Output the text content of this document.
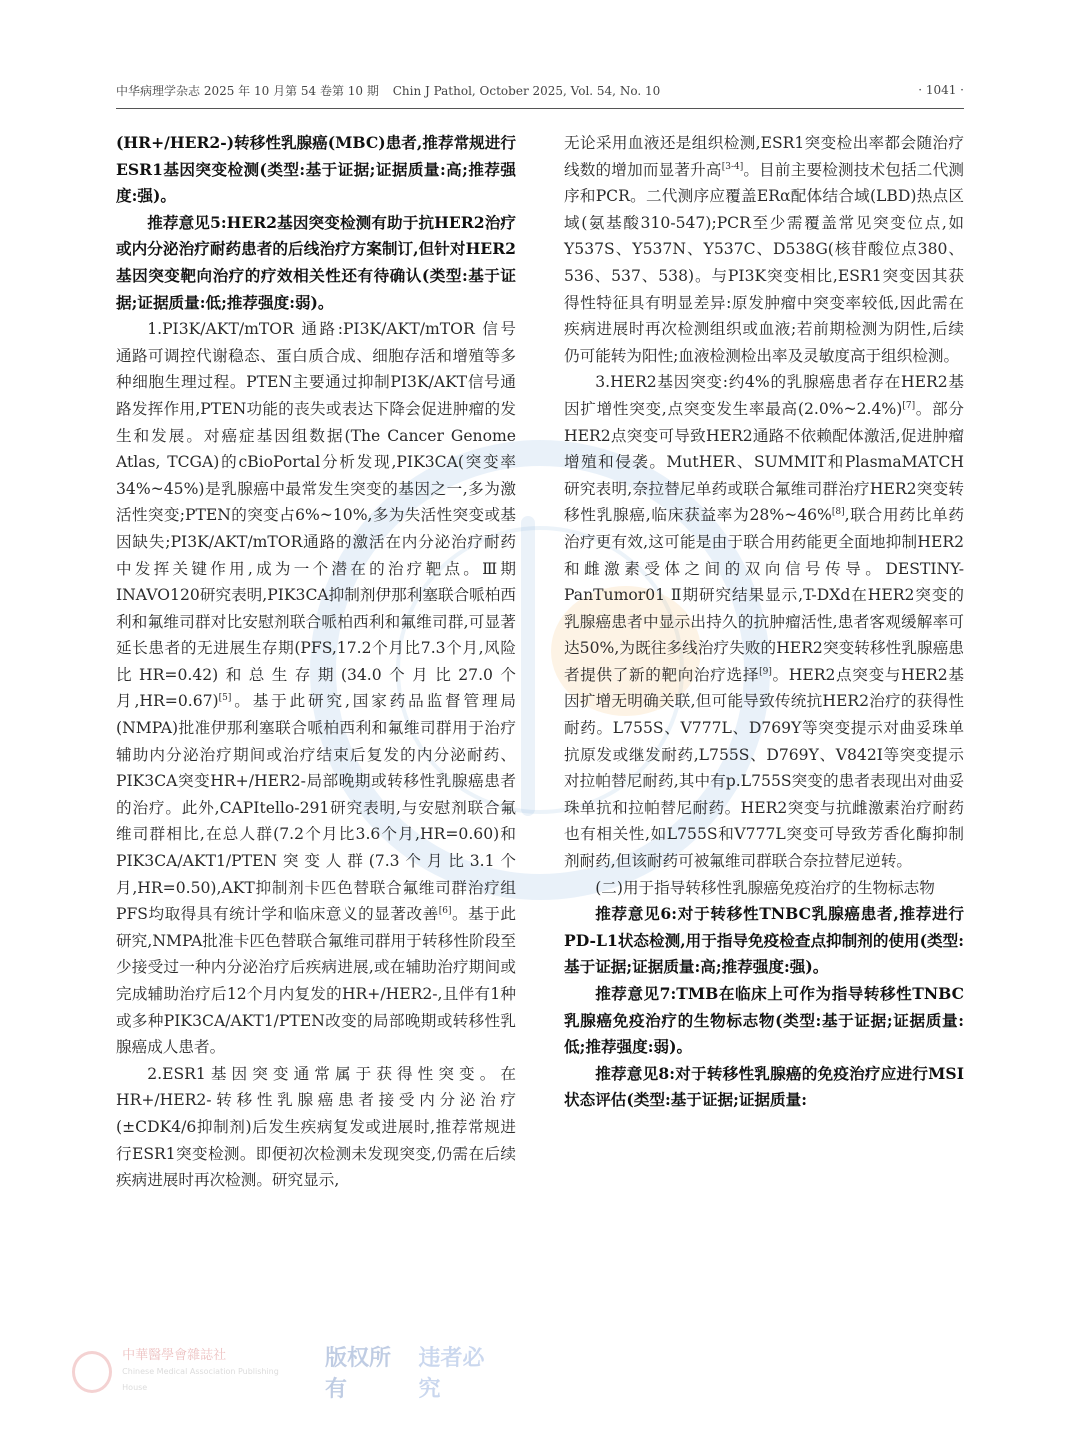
中华病理学杂志 2025 年 10 月第 54 卷第 10 期 Chin J Pathol, October 2025, Vol. 54, No. 10	· 1041 ·

(HR+/HER2-)转移性乳腺癌(MBC)患者,推荐常规进行ESR1基因突变检测(类型:基于证据;证据质量:高;推荐强度:强)。

推荐意见5:HER2基因突变检测有助于抗HER2治疗或内分泌治疗耐药患者的后线治疗方案制订,但针对HER2基因突变靶向治疗的疗效相关性还有待确认(类型:基于证据;证据质量:低;推荐强度:弱)。

1.PI3K/AKT/mTOR 通路:PI3K/AKT/mTOR 信号通路可调控代谢稳态、蛋白质合成、细胞存活和增殖等多种细胞生理过程。PTEN主要通过抑制PI3K/AKT信号通路发挥作用,PTEN功能的丧失或表达下降会促进肿瘤的发生和发展。对癌症基因组数据(The Cancer Genome Atlas, TCGA)的cBioPortal分析发现,PIK3CA(突变率34%~45%)是乳腺癌中最常发生突变的基因之一,多为激活性突变;PTEN的突变占6%~10%,多为失活性突变或基因缺失;PI3K/AKT/mTOR通路的激活在内分泌治疗耐药中发挥关键作用,成为一个潜在的治疗靶点。Ⅲ期INAVO120研究表明,PIK3CA抑制剂伊那利塞联合哌柏西利和氟维司群对比安慰剂联合哌柏西利和氟维司群,可显著延长患者的无进展生存期(PFS,17.2个月比7.3个月,风险比HR=0.42)和总生存期(34.0个月比27.0个月,HR=0.67)[5]。基于此研究,国家药品监督管理局(NMPA)批准伊那利塞联合哌柏西利和氟维司群用于治疗辅助内分泌治疗期间或治疗结束后复发的内分泌耐药、PIK3CA突变HR+/HER2-局部晚期或转移性乳腺癌患者的治疗。此外,CAPItello-291研究表明,与安慰剂联合氟维司群相比,在总人群(7.2个月比3.6个月,HR=0.60)和PIK3CA/AKT1/PTEN突变人群(7.3个月比3.1个月,HR=0.50),AKT抑制剂卡匹色替联合氟维司群治疗组PFS均取得具有统计学和临床意义的显著改善[6]。基于此研究,NMPA批准卡匹色替联合氟维司群用于转移性阶段至少接受过一种内分泌治疗后疾病进展,或在辅助治疗期间或完成辅助治疗后12个月内复发的HR+/HER2-,且伴有1种或多种PIK3CA/AKT1/PTEN改变的局部晚期或转移性乳腺癌成人患者。

2.ESR1基因突变通常属于获得性突变。在HR+/HER2-转移性乳腺癌患者接受内分泌治疗(±CDK4/6抑制剂)后发生疾病复发或进展时,推荐常规进行ESR1突变检测。即便初次检测未发现突变,仍需在后续疾病进展时再次检测。研究显示,

无论采用血液还是组织检测,ESR1突变检出率都会随治疗线数的增加而显著升高[3-4]。目前主要检测技术包括二代测序和PCR。二代测序应覆盖ERα配体结合域(LBD)热点区域(氨基酸310-547);PCR至少需覆盖常见突变位点,如Y537S、Y537N、Y537C、D538G(核苷酸位点380、536、537、538)。与PI3K突变相比,ESR1突变因其获得性特征具有明显差异:原发肿瘤中突变率较低,因此需在疾病进展时再次检测组织或血液;若前期检测为阴性,后续仍可能转为阳性;血液检测检出率及灵敏度高于组织检测。

3.HER2基因突变:约4%的乳腺癌患者存在HER2基因扩增性突变,点突变发生率最高(2.0%~2.4%)[7]。部分HER2点突变可导致HER2通路不依赖配体激活,促进肿瘤增殖和侵袭。MutHER、SUMMIT和PlasmaMATCH研究表明,奈拉替尼单药或联合氟维司群治疗HER2突变转移性乳腺癌,临床获益率为28%~46%[8],联合用药比单药治疗更有效,这可能是由于联合用药能更全面地抑制HER2和雌激素受体之间的双向信号传导。DESTINY-PanTumor01 Ⅱ期研究结果显示,T-DXd在HER2突变的乳腺癌患者中显示出持久的抗肿瘤活性,患者客观缓解率可达50%,为既往多线治疗失败的HER2突变转移性乳腺癌患者提供了新的靶向治疗选择[9]。HER2点突变与HER2基因扩增无明确关联,但可能导致传统抗HER2治疗的获得性耐药。L755S、V777L、D769Y等突变提示对曲妥珠单抗原发或继发耐药,L755S、D769Y、V842I等突变提示对拉帕替尼耐药,其中有p.L755S突变的患者表现出对曲妥珠单抗和拉帕替尼耐药。HER2突变与抗雌激素治疗耐药也有相关性,如L755S和V777L突变可导致芳香化酶抑制剂耐药,但该耐药可被氟维司群联合奈拉替尼逆转。

(二)用于指导转移性乳腺癌免疫治疗的生物标志物

推荐意见6:对于转移性TNBC乳腺癌患者,推荐进行PD-L1状态检测,用于指导免疫检查点抑制剂的使用(类型:基于证据;证据质量:高;推荐强度:强)。

推荐意见7:TMB在临床上可作为指导转移性TNBC乳腺癌免疫治疗的生物标志物(类型:基于证据;证据质量:低;推荐强度:弱)。

推荐意见8:对于转移性乳腺癌的免疫治疗应进行MSI状态评估(类型:基于证据;证据质量:

中華醫學會雜誌社
Chinese Medical Association Publishing House
版权所有
违者必究
